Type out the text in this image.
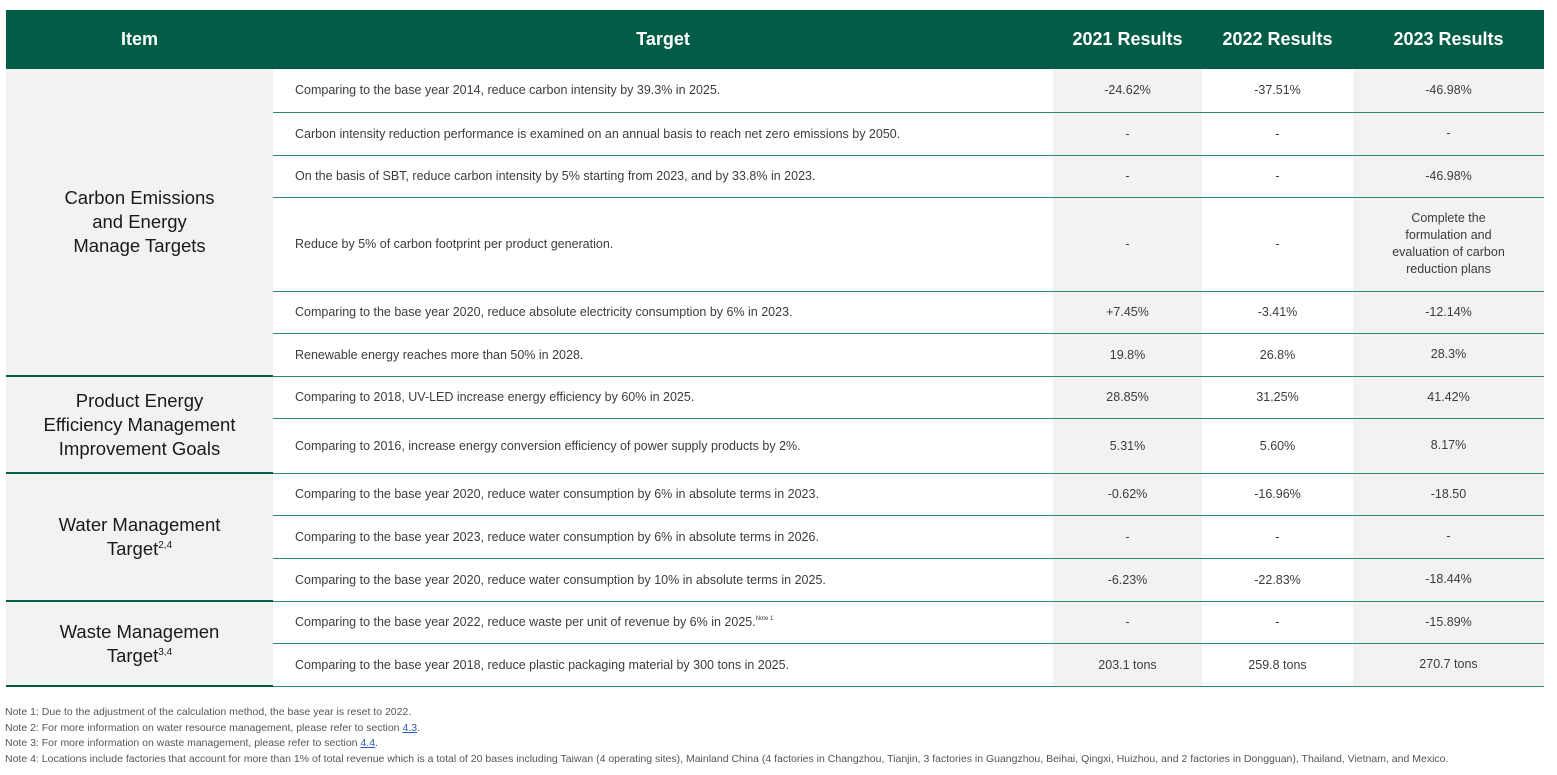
Item	Target	2021 Results	2022 Results	2023 Results

Carbon Emissions
and Energy
Manage Targets	Comparing to the base year 2014, reduce carbon intensity by 39.3% in 2025.	-24.62%	-37.51%	-46.98%
	Carbon intensity reduction performance is examined on an annual basis to reach net zero emissions by 2050.	-	-	-
	On the basis of SBT, reduce carbon intensity by 5% starting from 2023, and by 33.8% in 2023.	-	-	-46.98%
	Reduce by 5% of carbon footprint per product generation.	-	-	Complete the formulation and evaluation of carbon reduction plans
	Comparing to the base year 2020, reduce absolute electricity consumption by 6% in 2023.	+7.45%	-3.41%	-12.14%
	Renewable energy reaches more than 50% in 2028.	19.8%	26.8%	28.3%

Product Energy
Efficiency Management
Improvement Goals	Comparing to 2018, UV-LED increase energy efficiency by 60% in 2025.	28.85%	31.25%	41.42%
	Comparing to 2016, increase energy conversion efficiency of power supply products by 2%.	5.31%	5.60%	8.17%

Water Management
Target$^{2,4}$	Comparing to the base year 2020, reduce water consumption by 6% in absolute terms in 2023.	-0.62%	-16.96%	-18.50
	Comparing to the base year 2023, reduce water consumption by 6% in absolute terms in 2026.	-	-	-
	Comparing to the base year 2020, reduce water consumption by 10% in absolute terms in 2025.	-6.23%	-22.83%	-18.44%

Waste Managemen
Target$^{3,4}$	Comparing to the base year 2022, reduce waste per unit of revenue by 6% in 2025.$^{Note 1}$	-	-	-15.89%
	Comparing to the base year 2018, reduce plastic packaging material by 300 tons in 2025.	203.1 tons	259.8 tons	270.7 tons
Note 1: Due to the adjustment of the calculation method, the base year is reset to 2022.
Note 2: For more information on water resource management, please refer to section 4.3.
Note 3: For more information on waste management, please refer to section 4.4.
Note 4: Locations include factories that account for more than 1% of total revenue which is a total of 20 bases including Taiwan (4 operating sites), Mainland China (4 factories in Changzhou, Tianjin, 3 factories in Guangzhou, Beihai, Qingxi, Huizhou, and 2 factories in Dongguan), Thailand, Vietnam, and Mexico.
